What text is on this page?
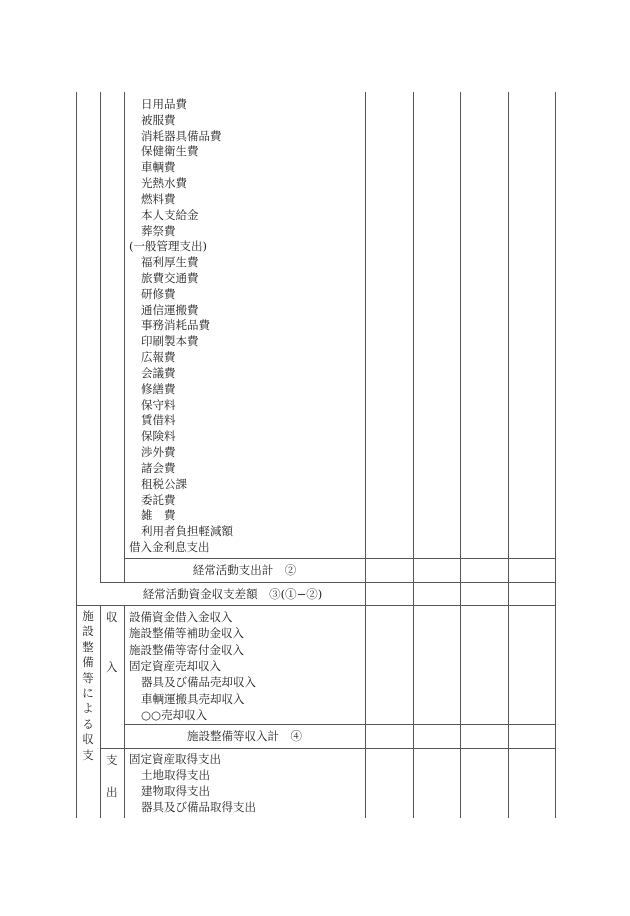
日用品費
被服費
消耗器具備品費
保健衛生費
車輌費
光熱水費
燃料費
本人支給金
葬祭費
(一般管理支出)
福利厚生費
旅費交通費
研修費
通信運搬費
事務消耗品費
印刷製本費
広報費
会議費
修繕費
保守料
賃借料
保険料
渉外費
諸会費
租税公課
委託費
雑　費
利用者負担軽減額
借入金利息支出
経常活動支出計　②
経常活動資金収支差額　③(①−②)
施設整備等による収支
収入
設備資金借入金収入
施設整備等補助金収入
施設整備等寄付金収入
固定資産売却収入
器具及び備品売却収入
車輌運搬具売却収入
○○売却収入
施設整備等収入計　④
支
出
固定資産取得支出
土地取得支出
建物取得支出
器具及び備品取得支出
